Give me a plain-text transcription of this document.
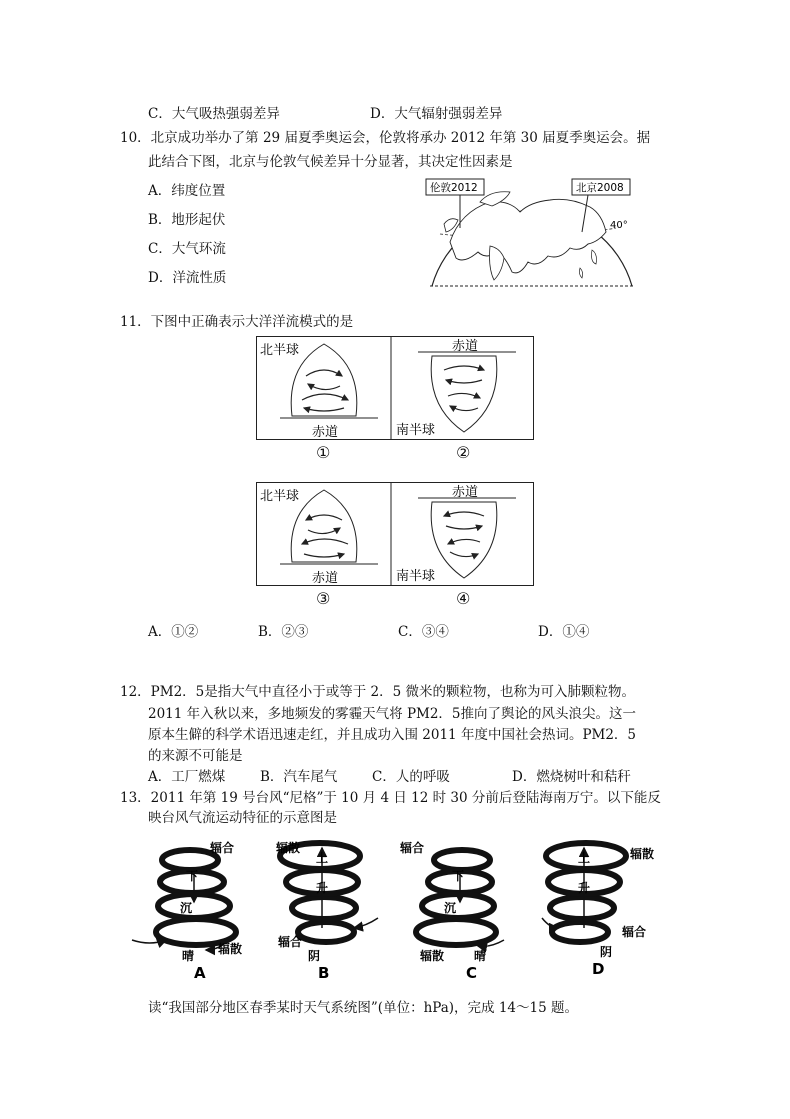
C．大气吸热强弱差异	D．大气辐射强弱差异
10．北京成功举办了第 29 届夏季奥运会，伦敦将承办 2012 年第 30 届夏季奥运会。据
此结合下图，北京与伦敦气候差异十分显著，其决定性因素是
A．纬度位置
B．地形起伏
C．大气环流
D．洋流性质
伦敦2012	北京2008
40°
11．下图中正确表示大洋洋流模式的是
北半球
赤道
赤道
南半球
①	②
北半球
赤道
赤道
南半球
③	④
A．①②	B．②③	C．③④	D．①④
12．PM2．5是指大气中直径小于或等于 2．5 微米的颗粒物，也称为可入肺颗粒物。
2011 年入秋以来，多地频发的雾霾天气将 PM2．5推向了舆论的风头浪尖。这一
原本生僻的科学术语迅速走红，并且成功入围 2011 年度中国社会热词。PM2．5
的来源不可能是
A．工厂燃煤	B．汽车尾气	C．人的呼吸	D．燃烧树叶和秸秆
13．2011 年第 19 号台风“尼格”于 10 月 4 日 12 时 30 分前后登陆海南万宁。以下能反
映台风气流运动特征的示意图是
辐合
下
沉
辐散
晴
A
辐散
上
升
辐合
阴
B
辐合
下
沉
辐散 晴
C
辐散
上
升
辐合
阴
D
读“我国部分地区春季某时天气系统图”(单位：hPa)，完成 14～15 题。
